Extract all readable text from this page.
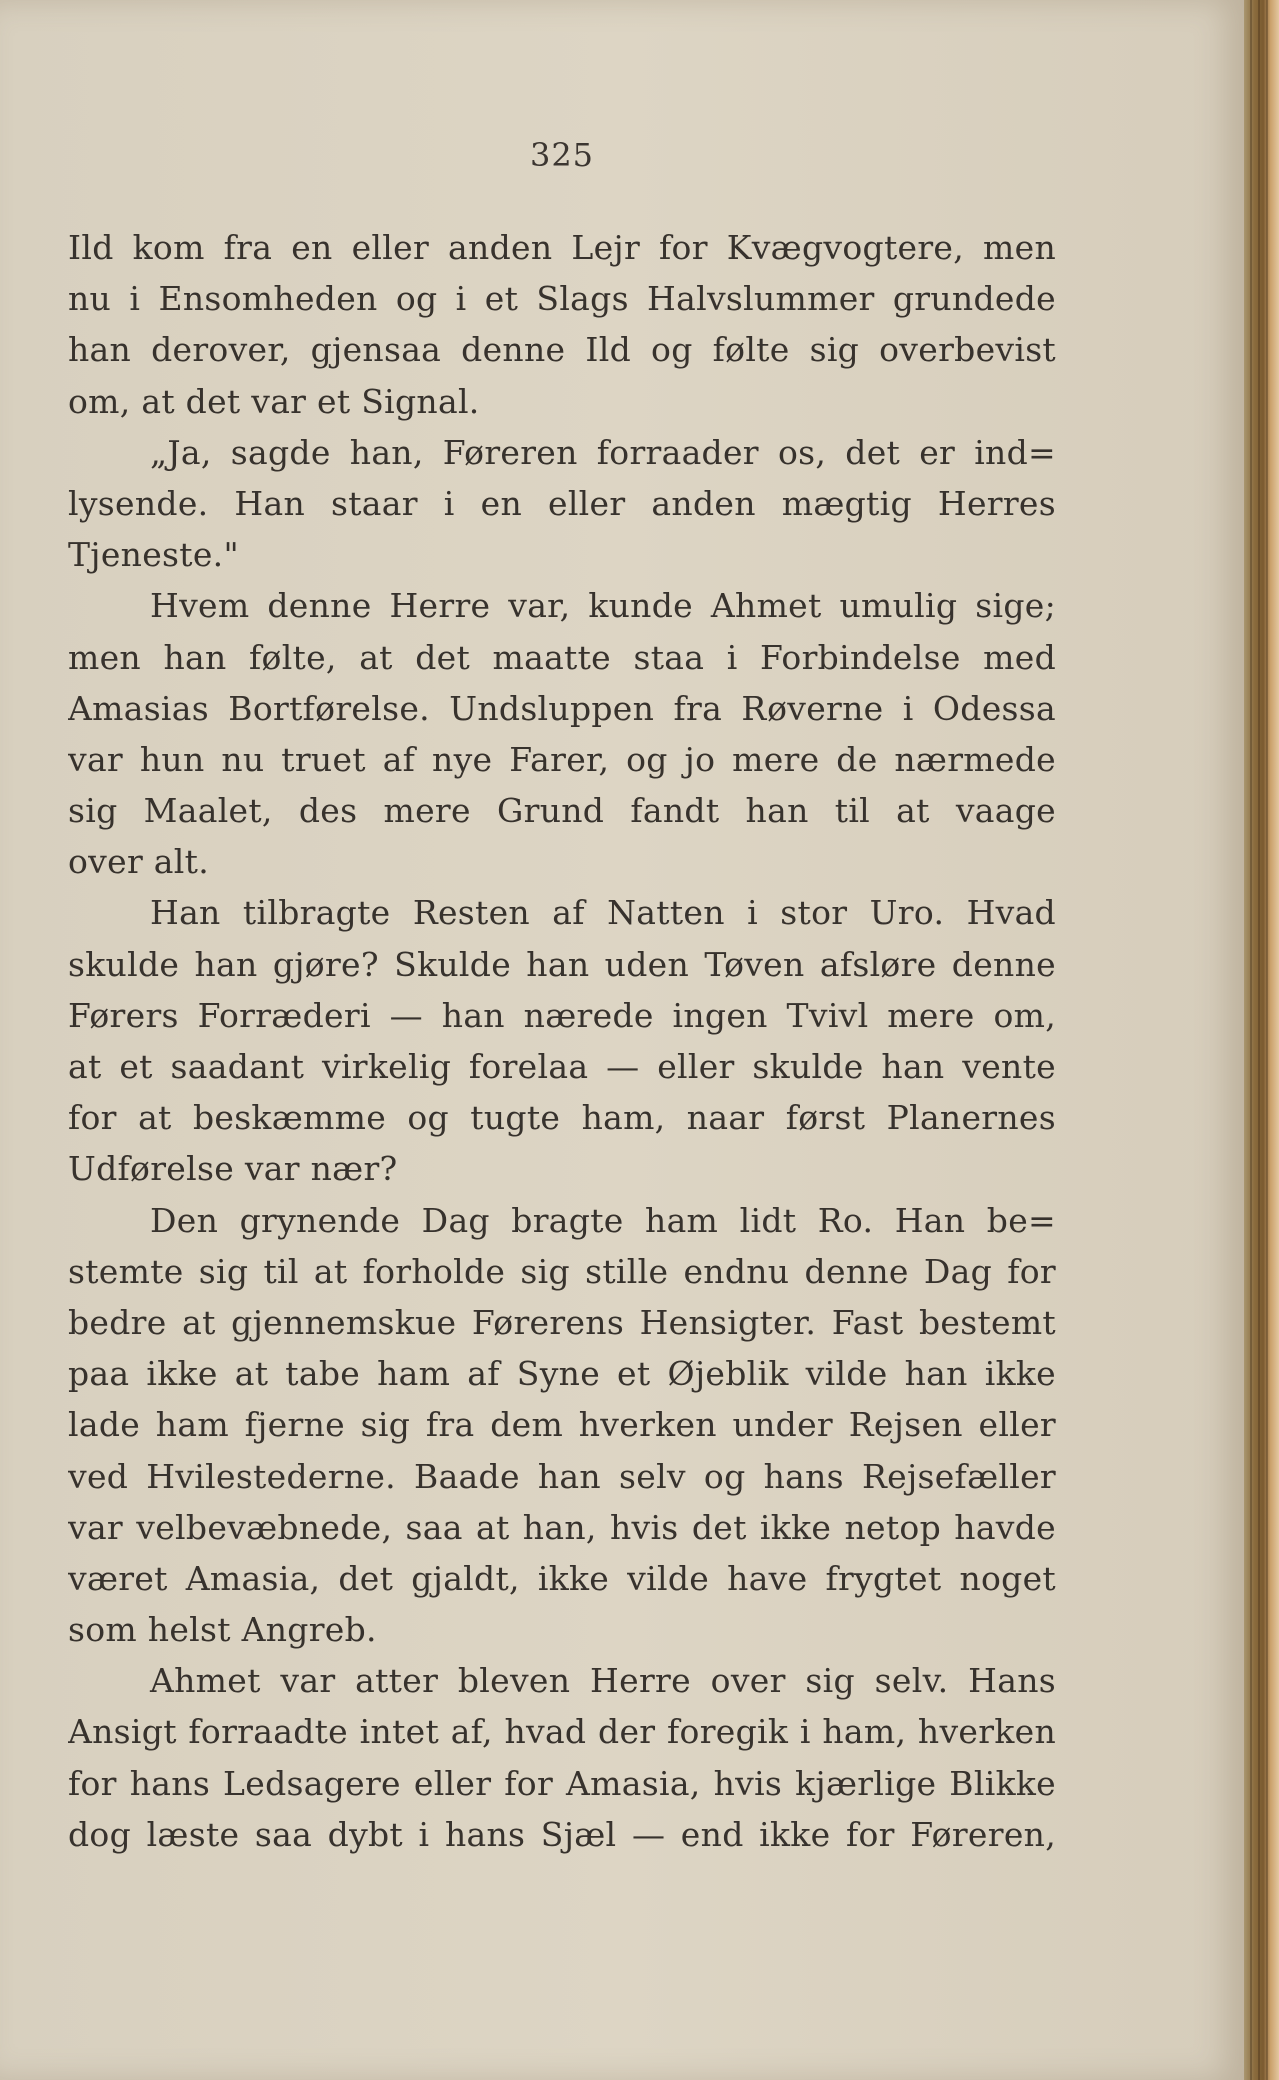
325
Ild kom fra en eller anden Lejr for Kvægvogtere, men
nu i Ensomheden og i et Slags Halvslummer grundede
han derover, gjensaa denne Ild og følte sig overbevist
om, at det var et Signal.
„Ja, sagde han, Føreren forraader os, det er ind=
lysende. Han staar i en eller anden mægtig Herres
Tjeneste."
Hvem denne Herre var, kunde Ahmet umulig sige;
men han følte, at det maatte staa i Forbindelse med
Amasias Bortførelse. Undsluppen fra Røverne i Odessa
var hun nu truet af nye Farer, og jo mere de nærmede
sig Maalet, des mere Grund fandt han til at vaage
over alt.
Han tilbragte Resten af Natten i stor Uro. Hvad
skulde han gjøre? Skulde han uden Tøven afsløre denne
Førers Forræderi — han nærede ingen Tvivl mere om,
at et saadant virkelig forelaa — eller skulde han vente
for at beskæmme og tugte ham, naar først Planernes
Udførelse var nær?
Den grynende Dag bragte ham lidt Ro. Han be=
stemte sig til at forholde sig stille endnu denne Dag for
bedre at gjennemskue Førerens Hensigter. Fast bestemt
paa ikke at tabe ham af Syne et Øjeblik vilde han ikke
lade ham fjerne sig fra dem hverken under Rejsen eller
ved Hvilestederne. Baade han selv og hans Rejsefæller
var velbevæbnede, saa at han, hvis det ikke netop havde
været Amasia, det gjaldt, ikke vilde have frygtet noget
som helst Angreb.
Ahmet var atter bleven Herre over sig selv. Hans
Ansigt forraadte intet af, hvad der foregik i ham, hverken
for hans Ledsagere eller for Amasia, hvis kjærlige Blikke
dog læste saa dybt i hans Sjæl — end ikke for Føreren,
